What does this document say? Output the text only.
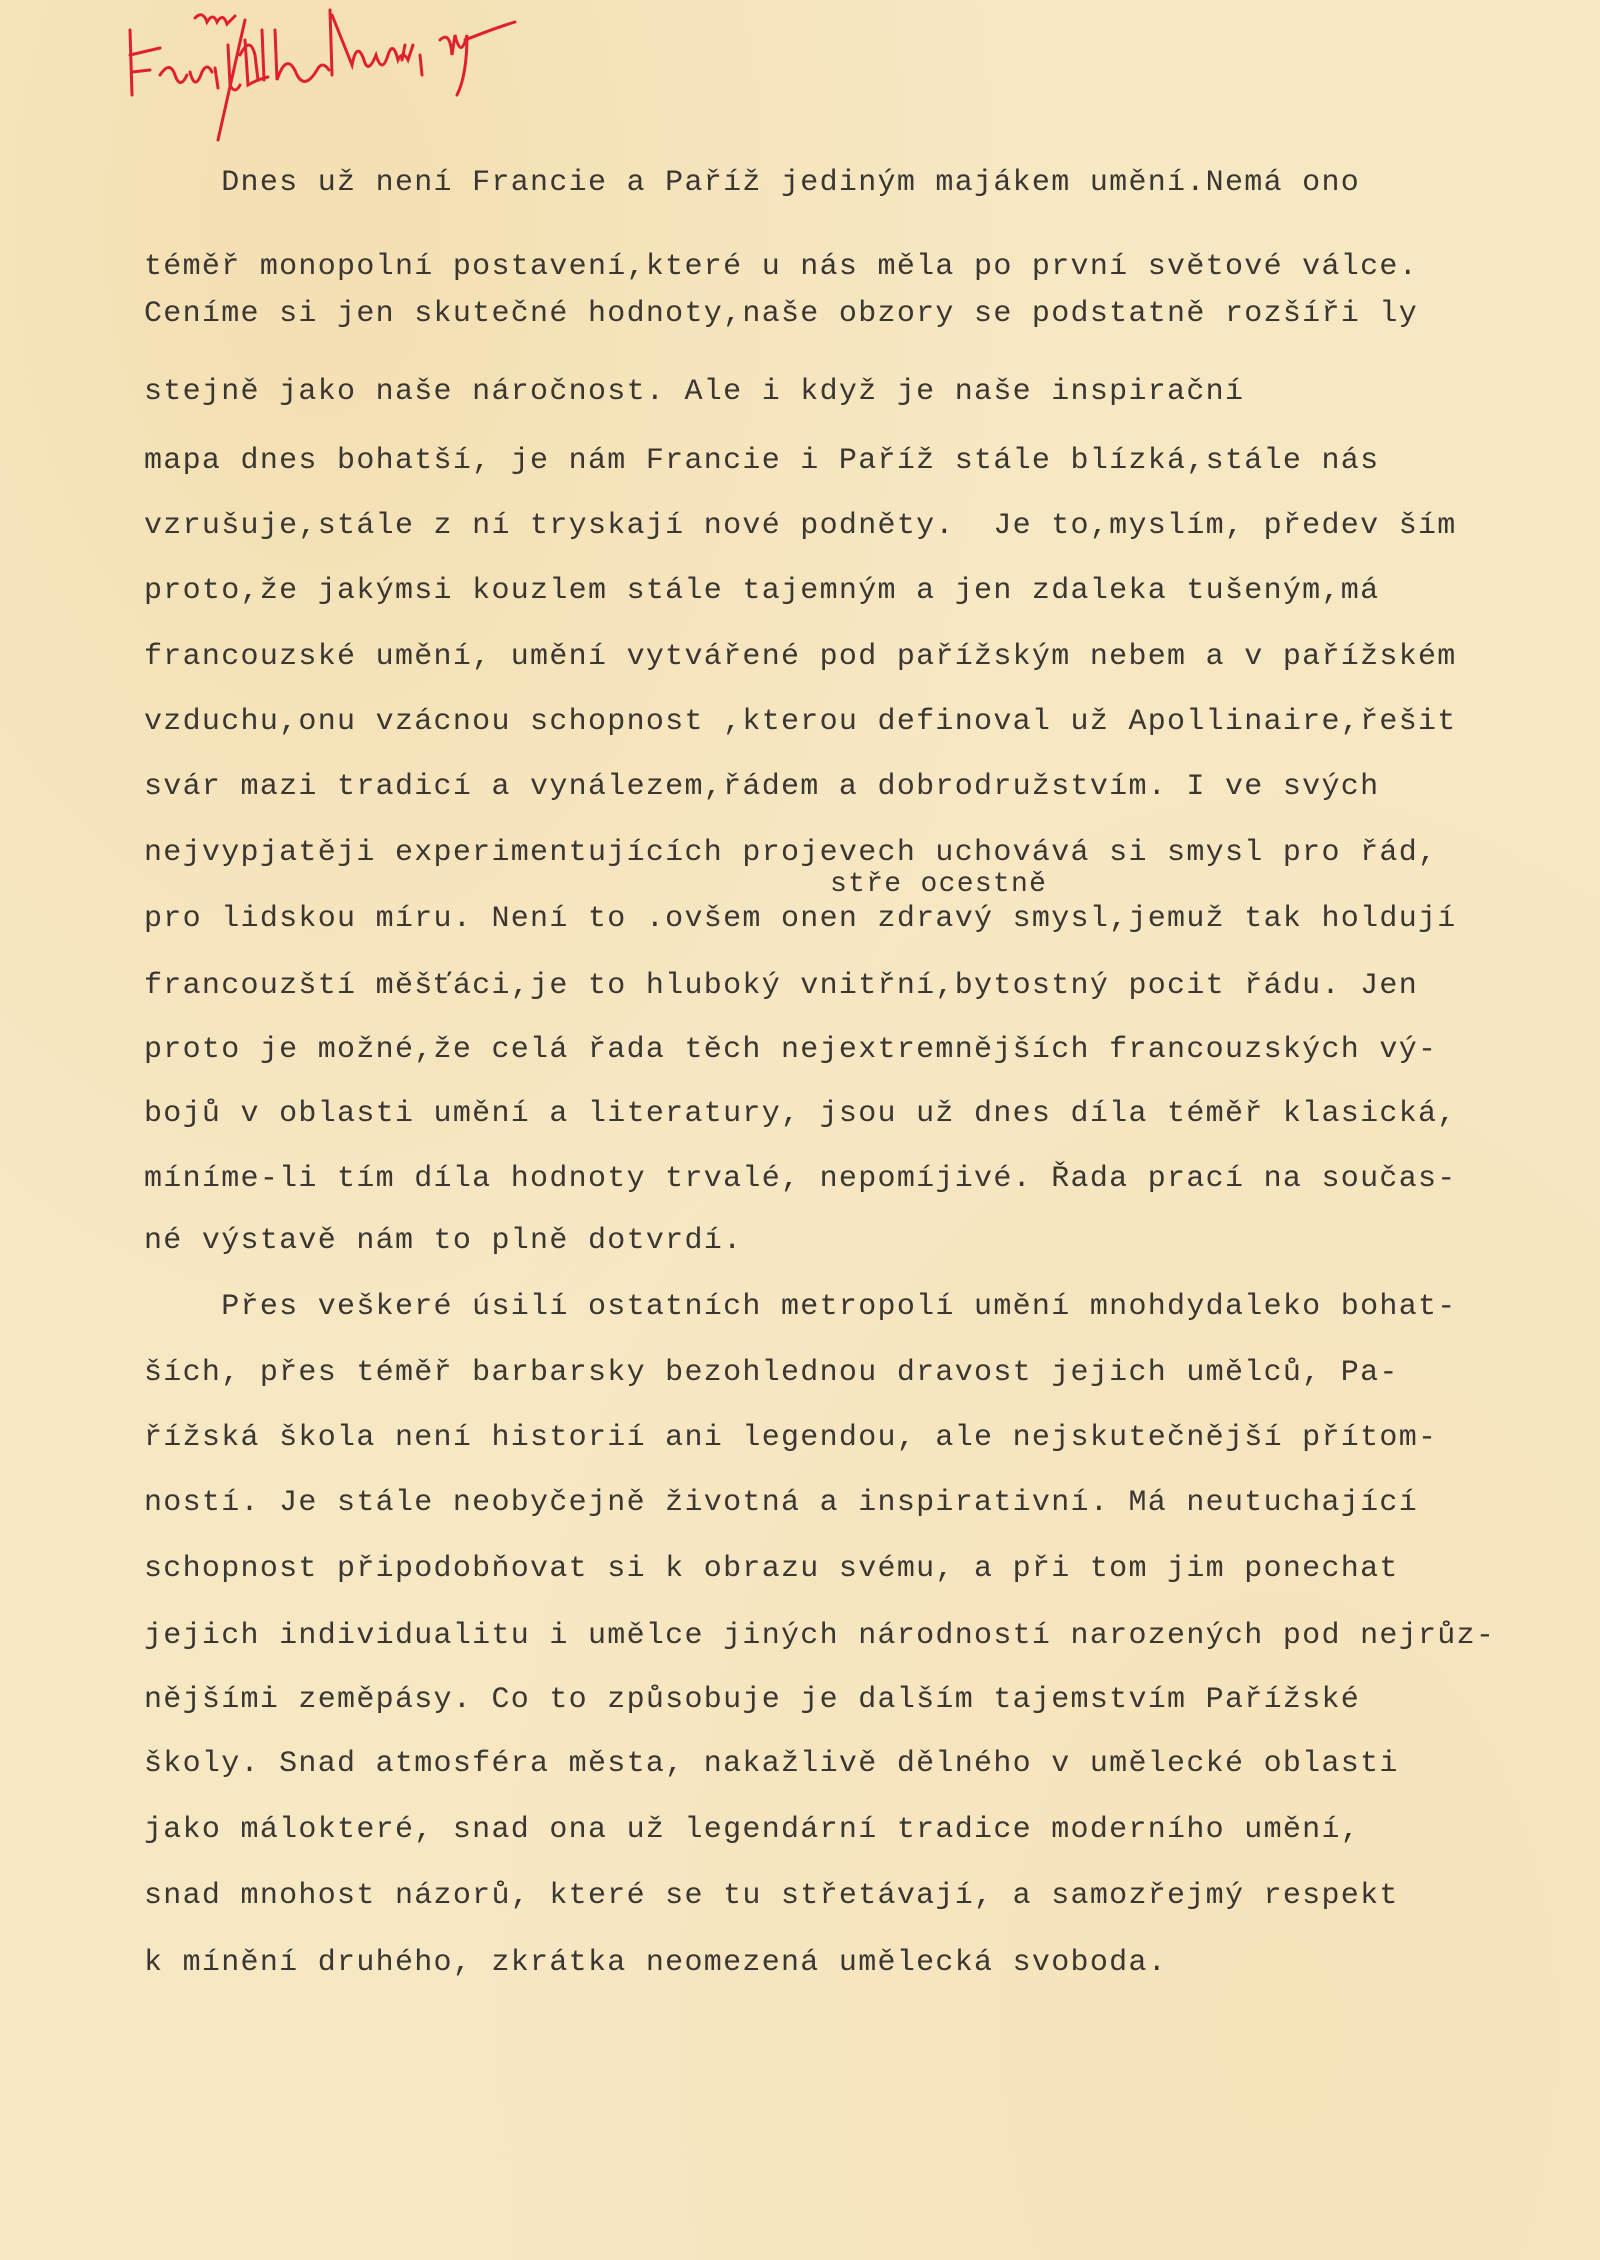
stře ocestně
Dnes už není Francie a Paříž jediným majákem umění.Nemá ono
téměř monopolní postavení,které u nás měla po první světové válce.
Ceníme si jen skutečné hodnoty,naše obzory se podstatně rozšíři ly
stejně jako naše náročnost. Ale i když je naše inspirační
mapa dnes bohatší, je nám Francie i Paříž stále blízká,stále nás
vzrušuje,stále z ní tryskají nové podněty.  Je to,myslím, předev ším
proto,že jakýmsi kouzlem stále tajemným a jen zdaleka tušeným,má
francouzské umění, umění vytvářené pod pařížským nebem a v pařížském
vzduchu,onu vzácnou schopnost ,kterou definoval už Apollinaire,řešit
svár mazi tradicí a vynálezem,řádem a dobrodružstvím. I ve svých
nejvypjatěji experimentujících projevech uchovává si smysl pro řád,
pro lidskou míru. Není to .ovšem onen zdravý smysl,jemuž tak holdují
francouzští měšťáci,je to hluboký vnitřní,bytostný pocit řádu. Jen
proto je možné,že celá řada těch nejextremnějších francouzských vý-
bojů v oblasti umění a literatury, jsou už dnes díla téměř klasická,
míníme-li tím díla hodnoty trvalé, nepomíjivé. Řada prací na součas-
né výstavě nám to plně dotvrdí.
Přes veškeré úsilí ostatních metropolí umění mnohdydaleko bohat-
ších, přes téměř barbarsky bezohlednou dravost jejich umělců, Pa-
řížská škola není historií ani legendou, ale nejskutečnější přítom-
ností. Je stále neobyčejně životná a inspirativní. Má neutuchající
schopnost připodobňovat si k obrazu svému, a při tom jim ponechat
jejich individualitu i umělce jiných národností narozených pod nejrůz-
nějšími zeměpásy. Co to způsobuje je dalším tajemstvím Pařížské
školy. Snad atmosféra města, nakažlivě dělného v umělecké oblasti
jako málokteré, snad ona už legendární tradice moderního umění,
snad mnohost názorů, které se tu střetávají, a samozřejmý respekt
k mínění druhého, zkrátka neomezená umělecká svoboda.
